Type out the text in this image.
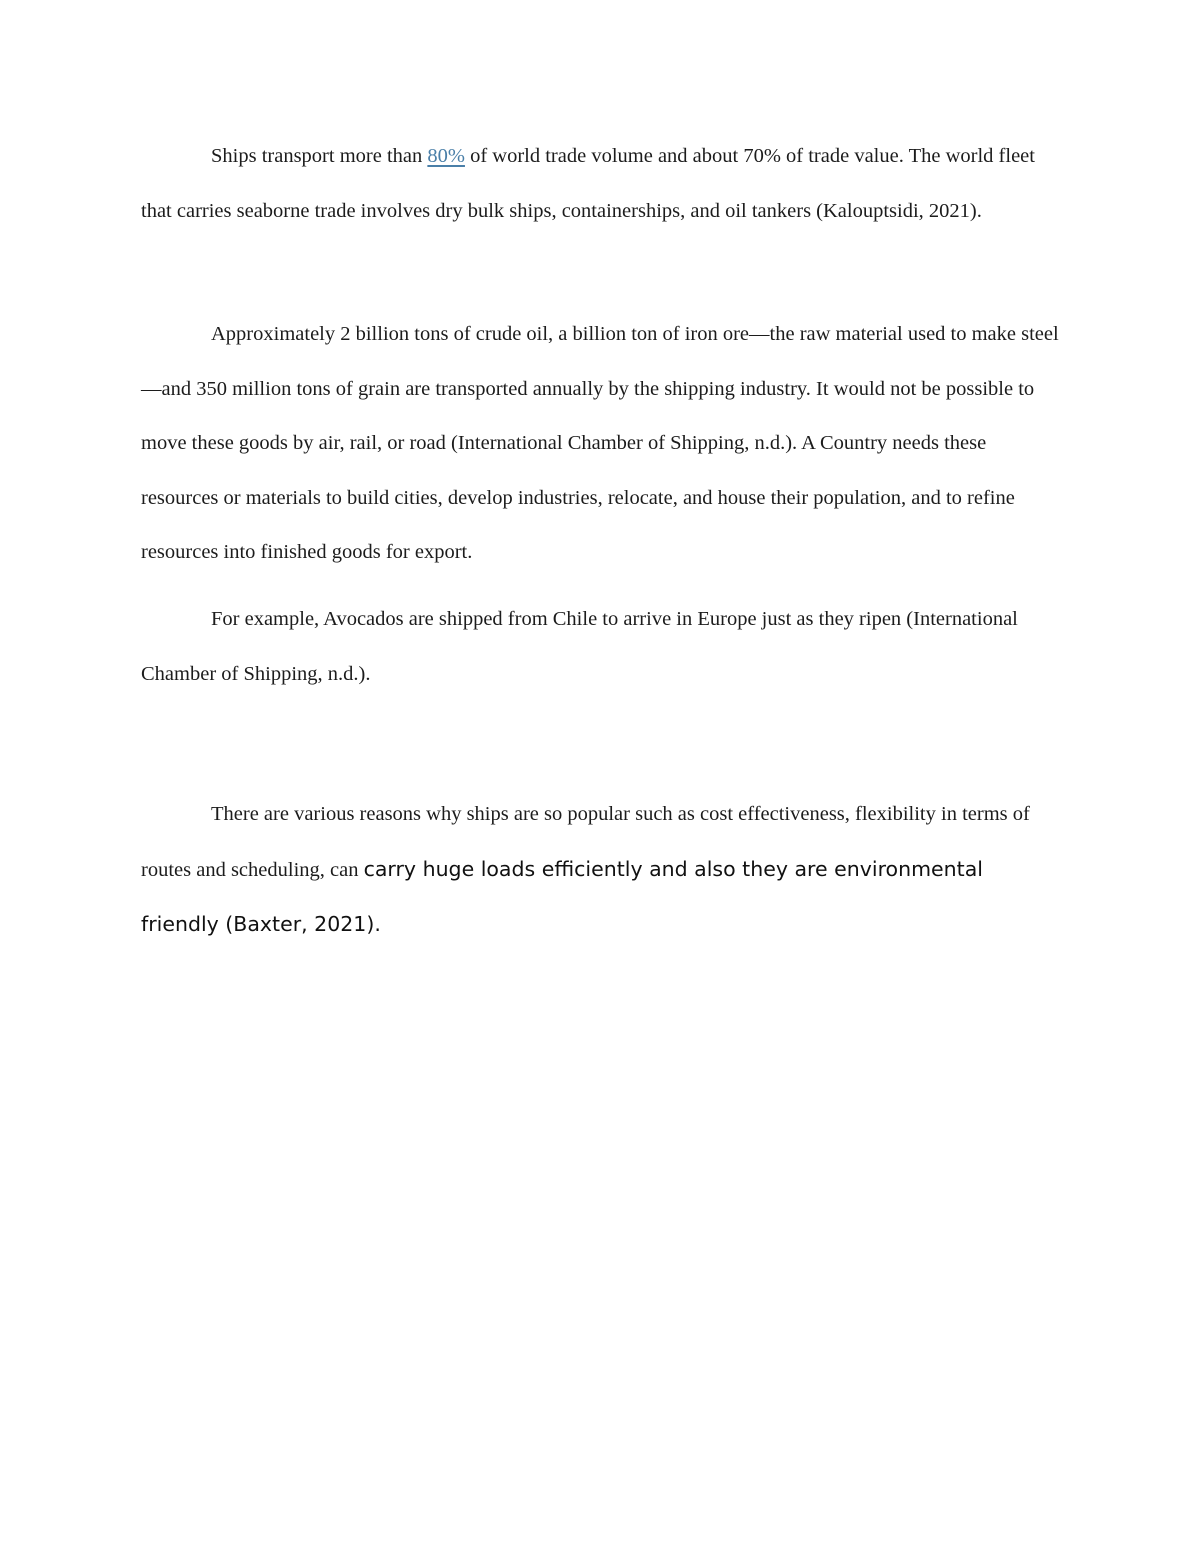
Ships transport more than 80% of world trade volume and about 70% of trade value. The world fleet that carries seaborne trade involves dry bulk ships, containerships, and oil tankers (Kalouptsidi, 2021).

Approximately 2 billion tons of crude oil, a billion ton of iron ore—the raw material used to make steel—and 350 million tons of grain are transported annually by the shipping industry. It would not be possible to move these goods by air, rail, or road (International Chamber of Shipping, n.d.). A Country needs these resources or materials to build cities, develop industries, relocate, and house their population, and to refine resources into finished goods for export.

For example, Avocados are shipped from Chile to arrive in Europe just as they ripen (International Chamber of Shipping, n.d.).

There are various reasons why ships are so popular such as cost effectiveness, flexibility in terms of routes and scheduling, can carry huge loads efficiently and also they are environmental friendly (Baxter, 2021).
